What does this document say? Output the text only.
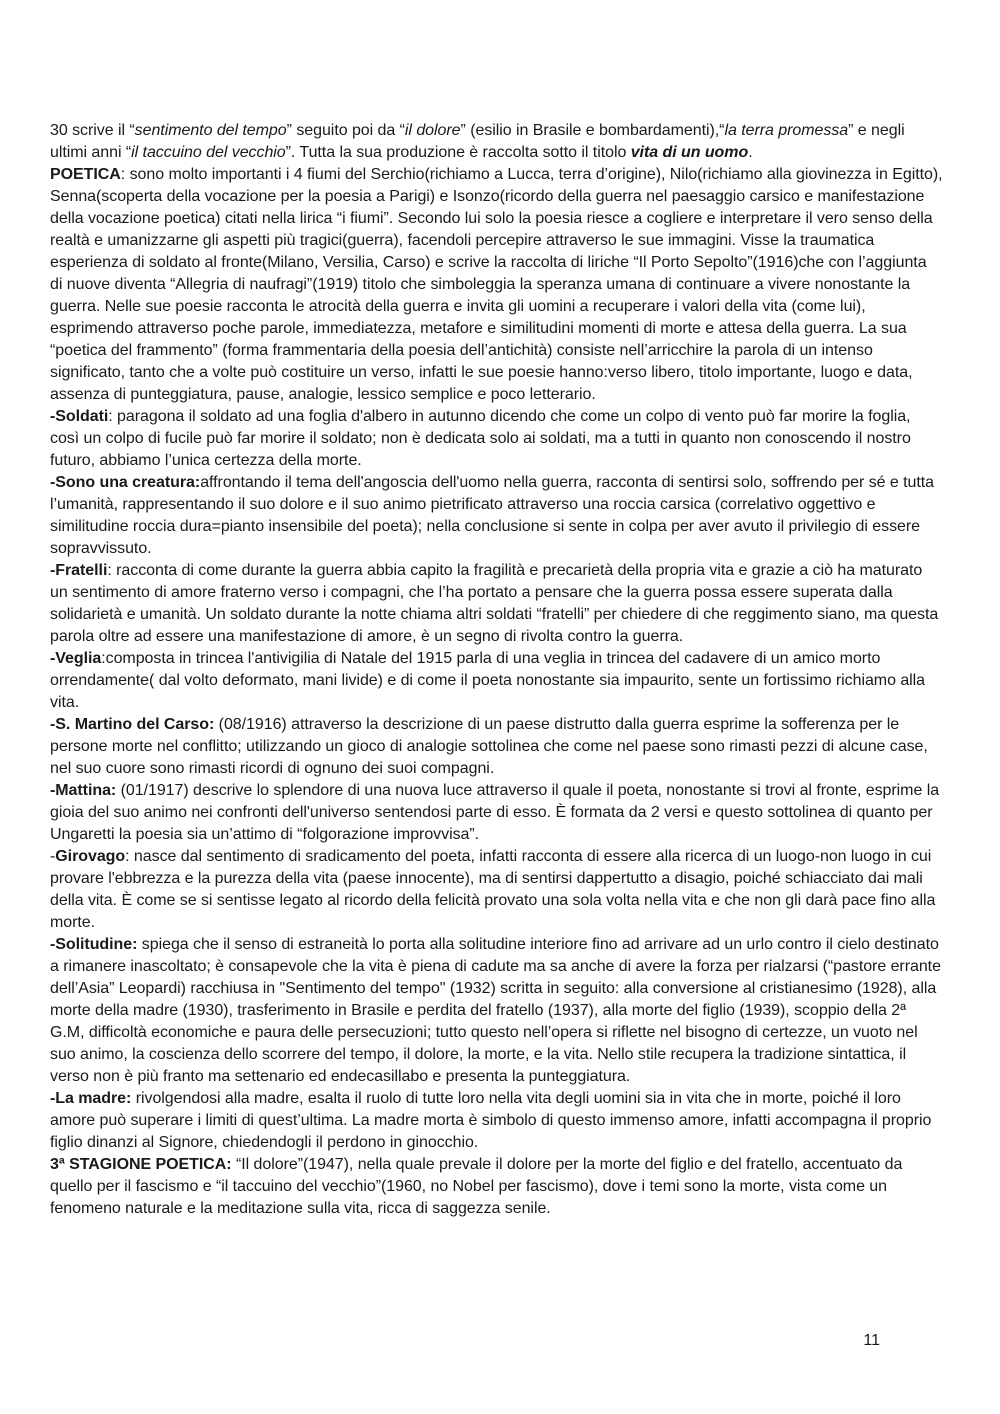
30 scrive il “sentimento del tempo” seguito poi da “il dolore” (esilio in Brasile e bombardamenti),“la terra promessa” e negli ultimi anni “il taccuino del vecchio”. Tutta la sua produzione è raccolta sotto il titolo vita di un uomo.

POETICA: sono molto importanti i 4 fiumi del Serchio(richiamo a Lucca, terra d’origine), Nilo(richiamo alla giovinezza in Egitto), Senna(scoperta della vocazione per la poesia a Parigi) e Isonzo(ricordo della guerra nel paesaggio carsico e manifestazione della vocazione poetica) citati nella lirica “i fiumi”. Secondo lui solo la poesia riesce a cogliere e interpretare il vero senso della realtà e umanizzarne gli aspetti più tragici(guerra), facendoli percepire attraverso le sue immagini. Visse la traumatica esperienza di soldato al fronte(Milano, Versilia, Carso) e scrive la raccolta di liriche “Il Porto Sepolto”(1916)che con l’aggiunta di nuove diventa “Allegria di naufragi”(1919) titolo che simboleggia la speranza umana di continuare a vivere nonostante la guerra. Nelle sue poesie racconta le atrocità della guerra e invita gli uomini a recuperare i valori della vita (come lui), esprimendo attraverso poche parole, immediatezza, metafore e similitudini momenti di morte e attesa della guerra. La sua “poetica del frammento” (forma frammentaria della poesia dell’antichità) consiste nell’arricchire la parola di un intenso significato, tanto che a volte può costituire un verso, infatti le sue poesie hanno:verso libero, titolo importante, luogo e data, assenza di punteggiatura, pause, analogie, lessico semplice e poco letterario.

-Soldati: paragona il soldato ad una foglia d'albero in autunno dicendo che come un colpo di vento può far morire la foglia, così un colpo di fucile può far morire il soldato; non è dedicata solo ai soldati, ma a tutti in quanto non conoscendo il nostro futuro, abbiamo l’unica certezza della morte.

-Sono una creatura:affrontando il tema dell'angoscia dell'uomo nella guerra, racconta di sentirsi solo, soffrendo per sé e tutta l’umanità, rappresentando il suo dolore e il suo animo pietrificato attraverso una roccia carsica (correlativo oggettivo e similitudine roccia dura=pianto insensibile del poeta); nella conclusione si sente in colpa per aver avuto il privilegio di essere sopravvissuto.

-Fratelli: racconta di come durante la guerra abbia capito la fragilità e precarietà della propria vita e grazie a ciò ha maturato un sentimento di amore fraterno verso i compagni, che l’ha portato a pensare che la guerra possa essere superata dalla solidarietà e umanità. Un soldato durante la notte chiama altri soldati “fratelli” per chiedere di che reggimento siano, ma questa parola oltre ad essere una manifestazione di amore, è un segno di rivolta contro la guerra.

-Veglia:composta in trincea l'antivigilia di Natale del 1915 parla di una veglia in trincea del cadavere di un amico morto orrendamente( dal volto deformato, mani livide) e di come il poeta nonostante sia impaurito, sente un fortissimo richiamo alla vita.

-S. Martino del Carso: (08/1916) attraverso la descrizione di un paese distrutto dalla guerra esprime la sofferenza per le persone morte nel conflitto; utilizzando un gioco di analogie sottolinea che come nel paese sono rimasti pezzi di alcune case, nel suo cuore sono rimasti ricordi di ognuno dei suoi compagni.

-Mattina: (01/1917) descrive lo splendore di una nuova luce attraverso il quale il poeta, nonostante si trovi al fronte, esprime la gioia del suo animo nei confronti dell'universo sentendosi parte di esso. È formata da 2 versi e questo sottolinea di quanto per Ungaretti la poesia sia un’attimo di “folgorazione improvvisa”.

-Girovago: nasce dal sentimento di sradicamento del poeta, infatti racconta di essere alla ricerca di un luogo-non luogo in cui provare l'ebbrezza e la purezza della vita (paese innocente), ma di sentirsi dappertutto a disagio, poiché schiacciato dai mali della vita. È come se si sentisse legato al ricordo della felicità provato una sola volta nella vita e che non gli darà pace fino alla morte.

-Solitudine: spiega che il senso di estraneità lo porta alla solitudine interiore fino ad arrivare ad un urlo contro il cielo destinato a rimanere inascoltato; è consapevole che la vita è piena di cadute ma sa anche di avere la forza per rialzarsi (“pastore errante dell’Asia” Leopardi) racchiusa in "Sentimento del tempo" (1932) scritta in seguito: alla conversione al cristianesimo (1928), alla morte della madre (1930), trasferimento in Brasile e perdita del fratello (1937), alla morte del figlio (1939), scoppio della 2ª G.M, difficoltà economiche e paura delle persecuzioni; tutto questo nell’opera si riflette nel bisogno di certezze, un vuoto nel suo animo, la coscienza dello scorrere del tempo, il dolore, la morte, e la vita. Nello stile recupera la tradizione sintattica, il verso non è più franto ma settenario ed endecasillabo e presenta la punteggiatura.

-La madre: rivolgendosi alla madre, esalta il ruolo di tutte loro nella vita degli uomini sia in vita che in morte, poiché il loro amore può superare i limiti di quest’ultima. La madre morta è simbolo di questo immenso amore, infatti accompagna il proprio figlio dinanzi al Signore, chiedendogli il perdono in ginocchio.

3ª STAGIONE POETICA: “Il dolore”(1947), nella quale prevale il dolore per la morte del figlio e del fratello, accentuato da quello per il fascismo e “il taccuino del vecchio”(1960, no Nobel per fascismo), dove i temi sono la morte, vista come un fenomeno naturale e la meditazione sulla vita, ricca di saggezza senile.

11
